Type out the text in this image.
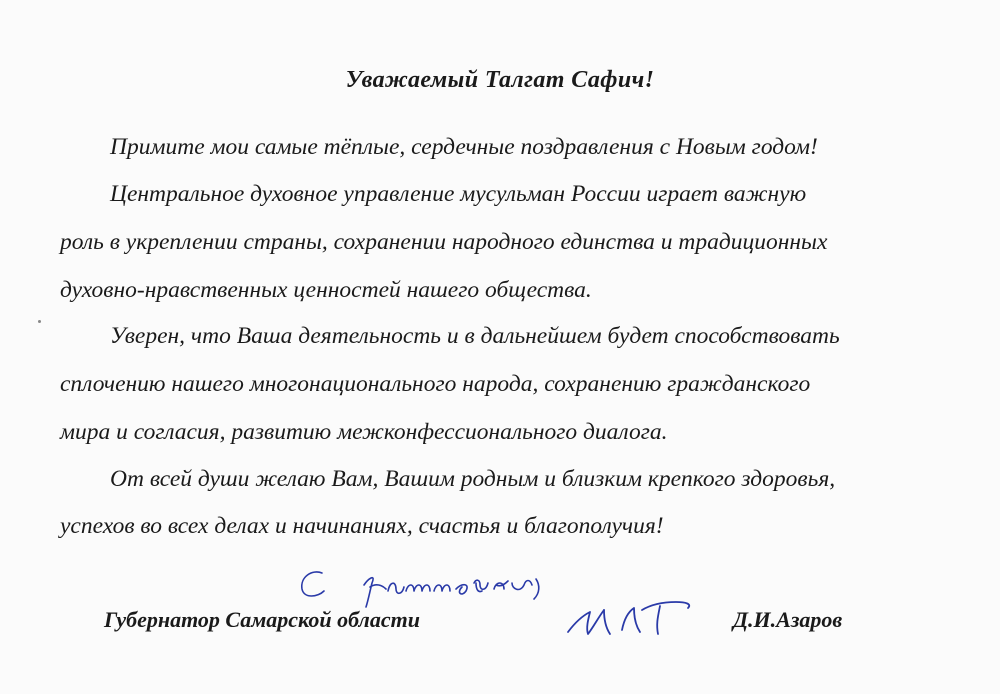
Уважаемый Талгат Сафич!
Примите мои самые тёплые, сердечные поздравления с Новым годом!
Центральное духовное управление мусульман России играет важную
роль в укреплении страны, сохранении народного единства и традиционных
духовно-нравственных ценностей нашего общества.
Уверен, что Ваша деятельность и в дальнейшем будет способствовать
сплочению нашего многонационального народа, сохранению гражданского
мира и согласия, развитию межконфессионального диалога.
От всей души желаю Вам, Вашим родным и близким крепкого здоровья,
успехов во всех делах и начинаниях, счастья и благополучия!
Губернатор Самарской области	Д.И.Азаров
